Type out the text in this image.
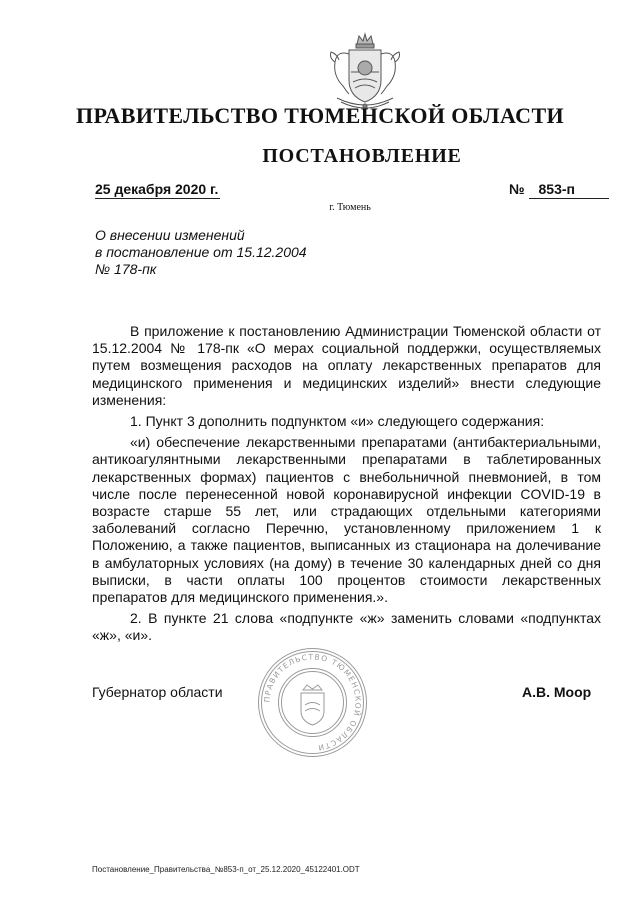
ПРАВИТЕЛЬСТВО ТЮМЕНСКОЙ ОБЛАСТИ
ПОСТАНОВЛЕНИЕ
25 декабря 2020 г.	№ 853-п
г. Тюмень
О внесении изменений
в постановление от 15.12.2004
№ 178-пк

В приложение к постановлению Администрации Тюменской области от 15.12.2004 № 178-пк «О мерах социальной поддержки, осуществляемых путем возмещения расходов на оплату лекарственных препаратов для медицинского применения и медицинских изделий» внести следующие изменения:

1. Пункт 3 дополнить подпунктом «и» следующего содержания:

«и) обеспечение лекарственными препаратами (антибактериальными, антикоагулянтными лекарственными препаратами в таблетированных лекарственных формах) пациентов с внебольничной пневмонией, в том числе после перенесенной новой коронавирусной инфекции COVID-19 в возрасте старше 55 лет, или страдающих отдельными категориями заболеваний согласно Перечню, установленному приложением 1 к Положению, а также пациентов, выписанных из стационара на долечивание в амбулаторных условиях (на дому) в течение 30 календарных дней со дня выписки, в части оплаты 100 процентов стоимости лекарственных препаратов для медицинского применения.».

2. В пункте 21 слова «подпункте «ж» заменить словами «подпунктах «ж», «и».

ПРАВИТЕЛЬСТВО ТЮМЕНСКОЙ ОБЛАСТИ
Губернатор области	А.В. Моор
Постановление_Правительства_№853-п_от_25.12.2020_45122401.ODT
